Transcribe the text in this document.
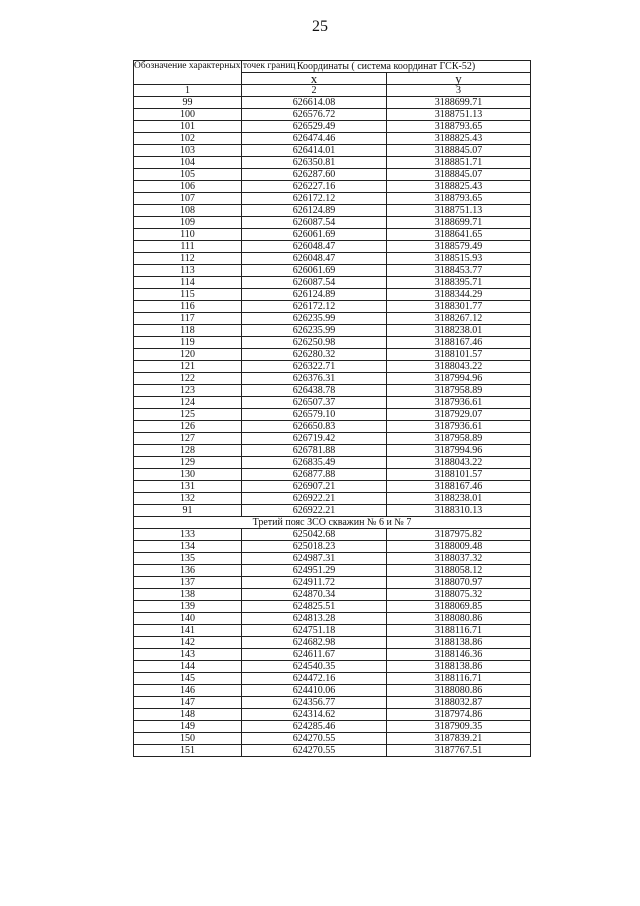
25
Обозначение характерных точек границ	Координаты ( система координат ГСК-52)	
	x	y
1	2	3
99	626614.08	3188699.71
100	626576.72	3188751.13
101	626529.49	3188793.65
102	626474.46	3188825.43
103	626414.01	3188845.07
104	626350.81	3188851.71
105	626287.60	3188845.07
106	626227.16	3188825.43
107	626172.12	3188793.65
108	626124.89	3188751.13
109	626087.54	3188699.71
110	626061.69	3188641.65
111	626048.47	3188579.49
112	626048.47	3188515.93
113	626061.69	3188453.77
114	626087.54	3188395.71
115	626124.89	3188344.29
116	626172.12	3188301.77
117	626235.99	3188267.12
118	626235.99	3188238.01
119	626250.98	3188167.46
120	626280.32	3188101.57
121	626322.71	3188043.22
122	626376.31	3187994.96
123	626438.78	3187958.89
124	626507.37	3187936.61
125	626579.10	3187929.07
126	626650.83	3187936.61
127	626719.42	3187958.89
128	626781.88	3187994.96
129	626835.49	3188043.22
130	626877.88	3188101.57
131	626907.21	3188167.46
132	626922.21	3188238.01
91	626922.21	3188310.13
Третий пояс ЗСО скважин № 6 и № 7		
133	625042.68	3187975.82
134	625018.23	3188009.48
135	624987.31	3188037.32
136	624951.29	3188058.12
137	624911.72	3188070.97
138	624870.34	3188075.32
139	624825.51	3188069.85
140	624813.28	3188080.86
141	624751.18	3188116.71
142	624682.98	3188138.86
143	624611.67	3188146.36
144	624540.35	3188138.86
145	624472.16	3188116.71
146	624410.06	3188080.86
147	624356.77	3188032.87
148	624314.62	3187974.86
149	624285.46	3187909.35
150	624270.55	3187839.21
151	624270.55	3187767.51
